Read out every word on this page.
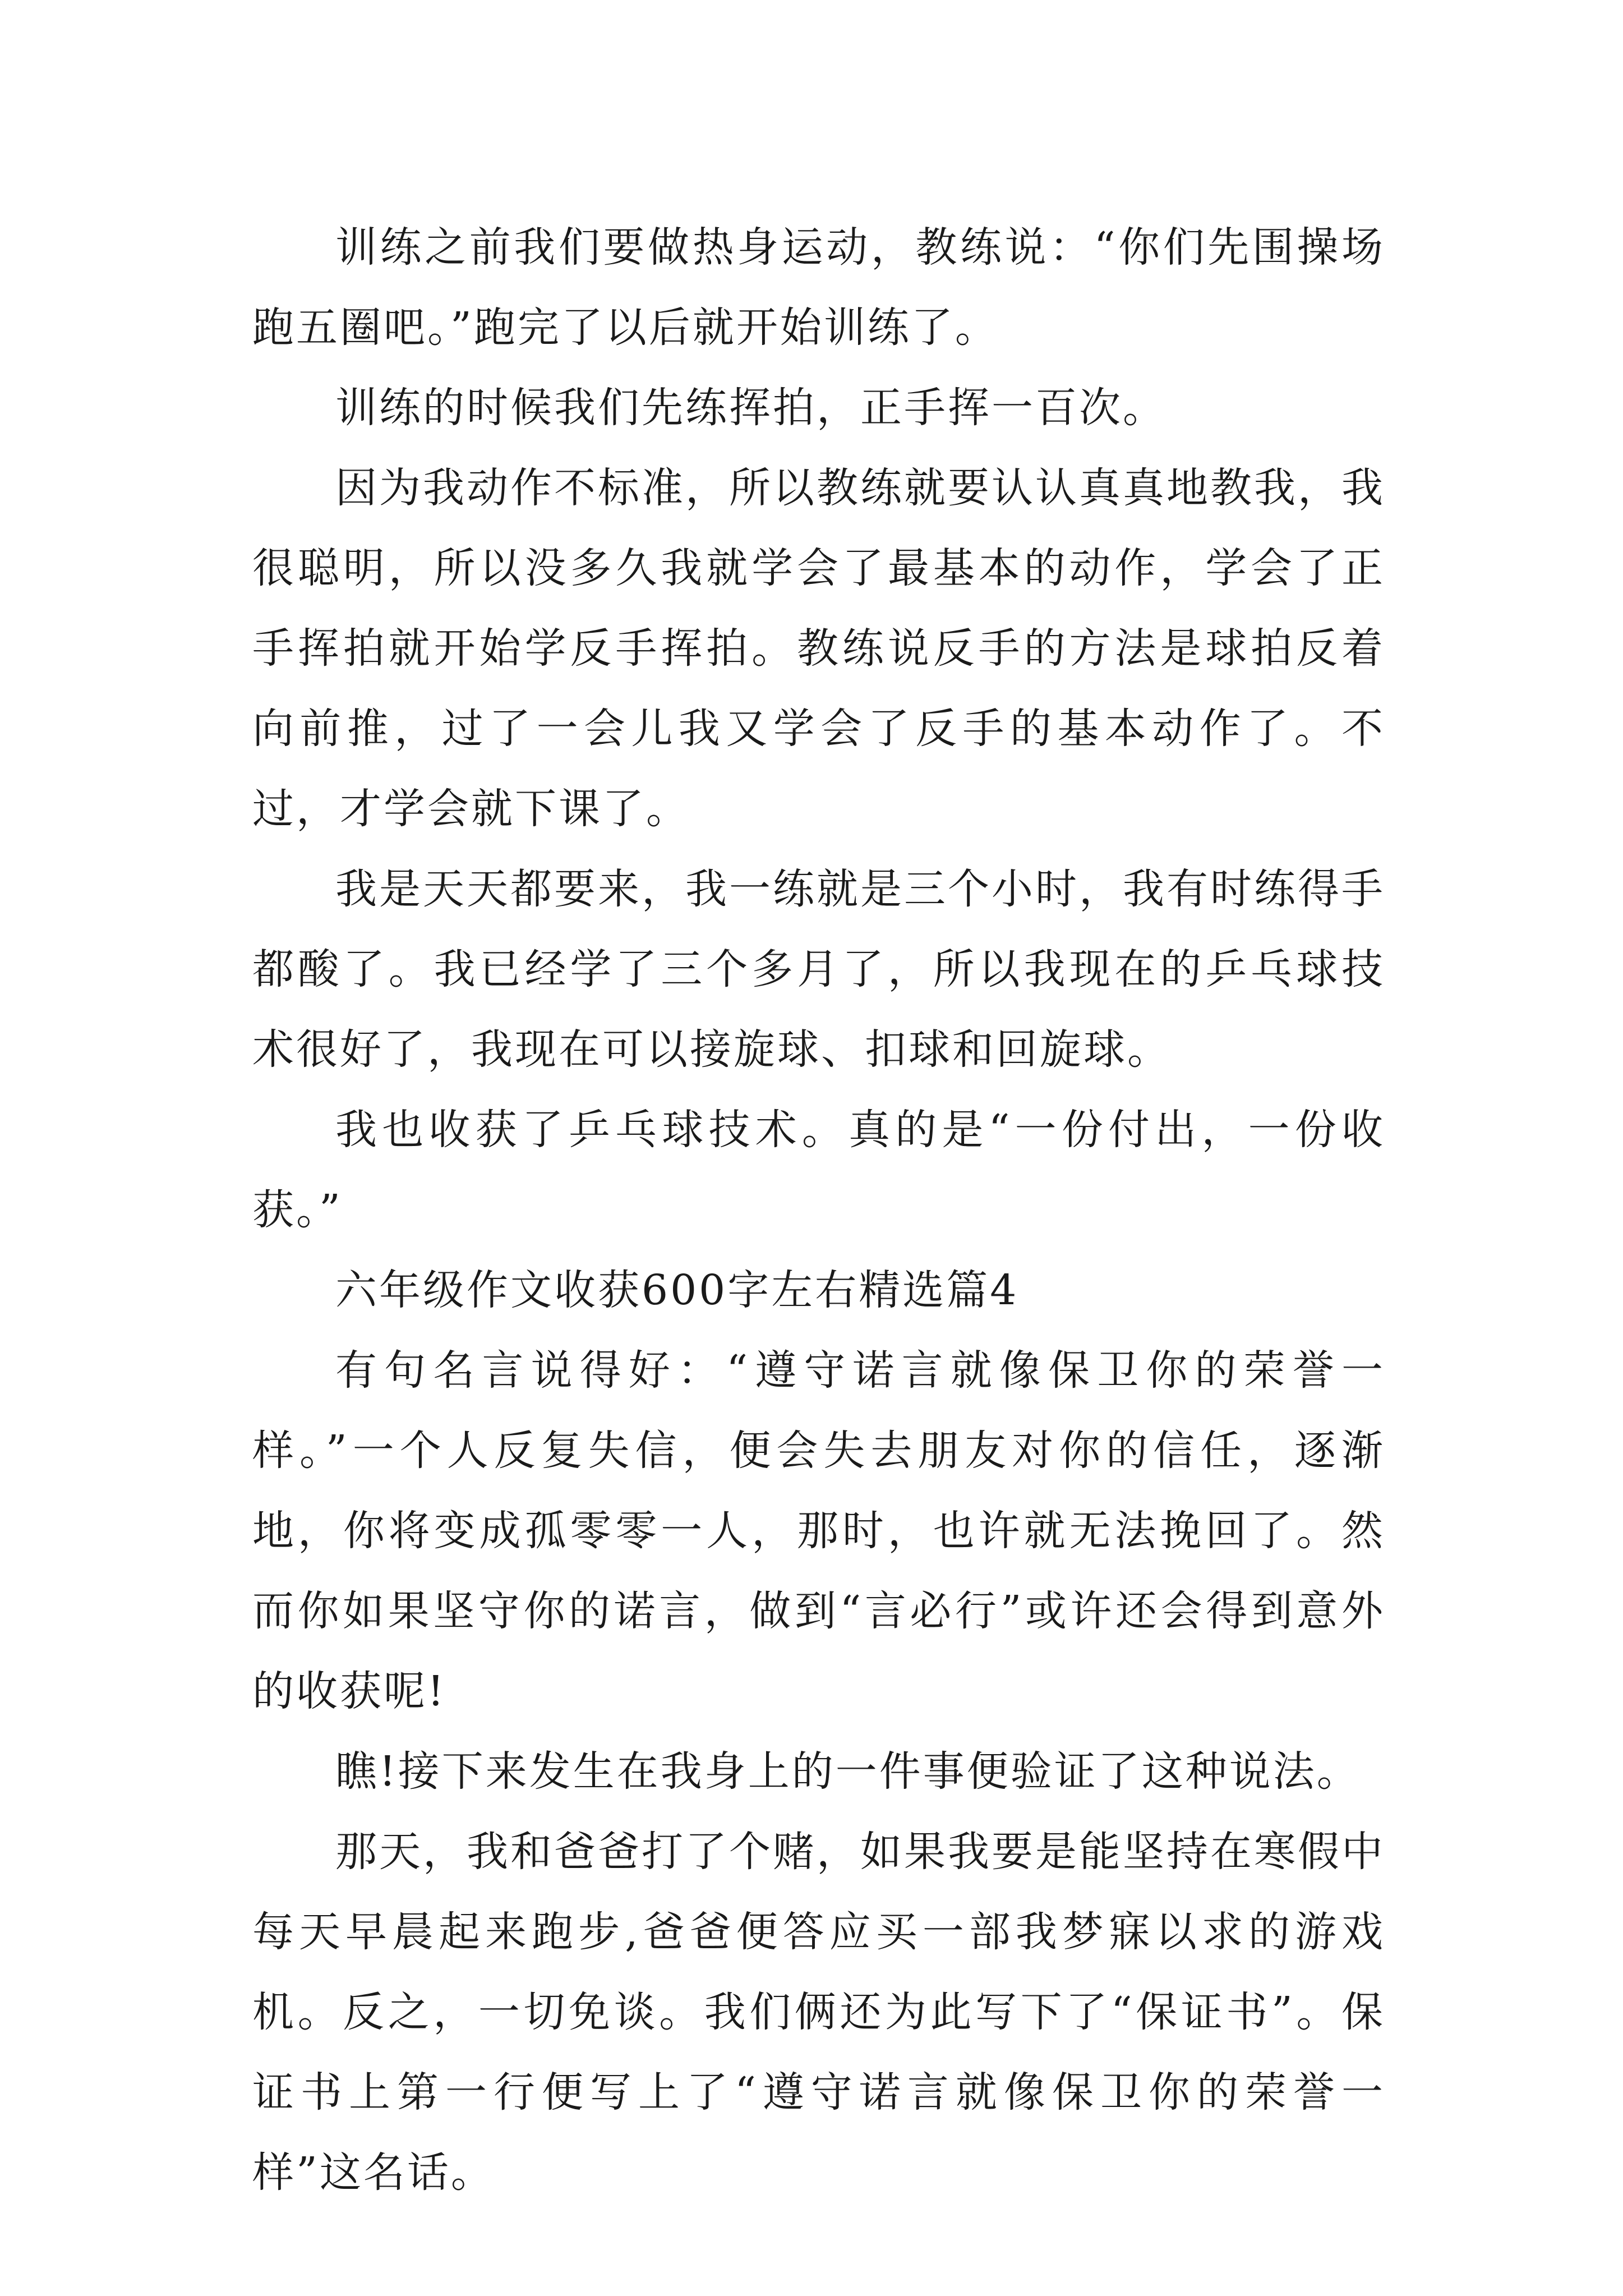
训练之前我们要做热身运动，教练说：“你们先围操场跑五圈吧。”跑完了以后就开始训练了。

训练的时候我们先练挥拍，正手挥一百次。

因为我动作不标准，所以教练就要认认真真地教我，我很聪明，所以没多久我就学会了最基本的动作，学会了正手挥拍就开始学反手挥拍。教练说反手的方法是球拍反着向前推，过了一会儿我又学会了反手的基本动作了。不过，才学会就下课了。

我是天天都要来，我一练就是三个小时，我有时练得手都酸了。我已经学了三个多月了，所以我现在的乒乓球技术很好了，我现在可以接旋球、扣球和回旋球。

我也收获了乒乓球技术。真的是“一份付出，一份收获。”

六年级作文收获600字左右精选篇4

有句名言说得好：“遵守诺言就像保卫你的荣誉一样。”一个人反复失信，便会失去朋友对你的信任，逐渐地，你将变成孤零零一人，那时，也许就无法挽回了。然而你如果坚守你的诺言，做到“言必行”或许还会得到意外的收获呢!

瞧!接下来发生在我身上的一件事便验证了这种说法。

那天，我和爸爸打了个赌，如果我要是能坚持在寒假中每天早晨起来跑步,爸爸便答应买一部我梦寐以求的游戏机。反之，一切免谈。我们俩还为此写下了“保证书”。保证书上第一行便写上了“遵守诺言就像保卫你的荣誉一样”这名话。
